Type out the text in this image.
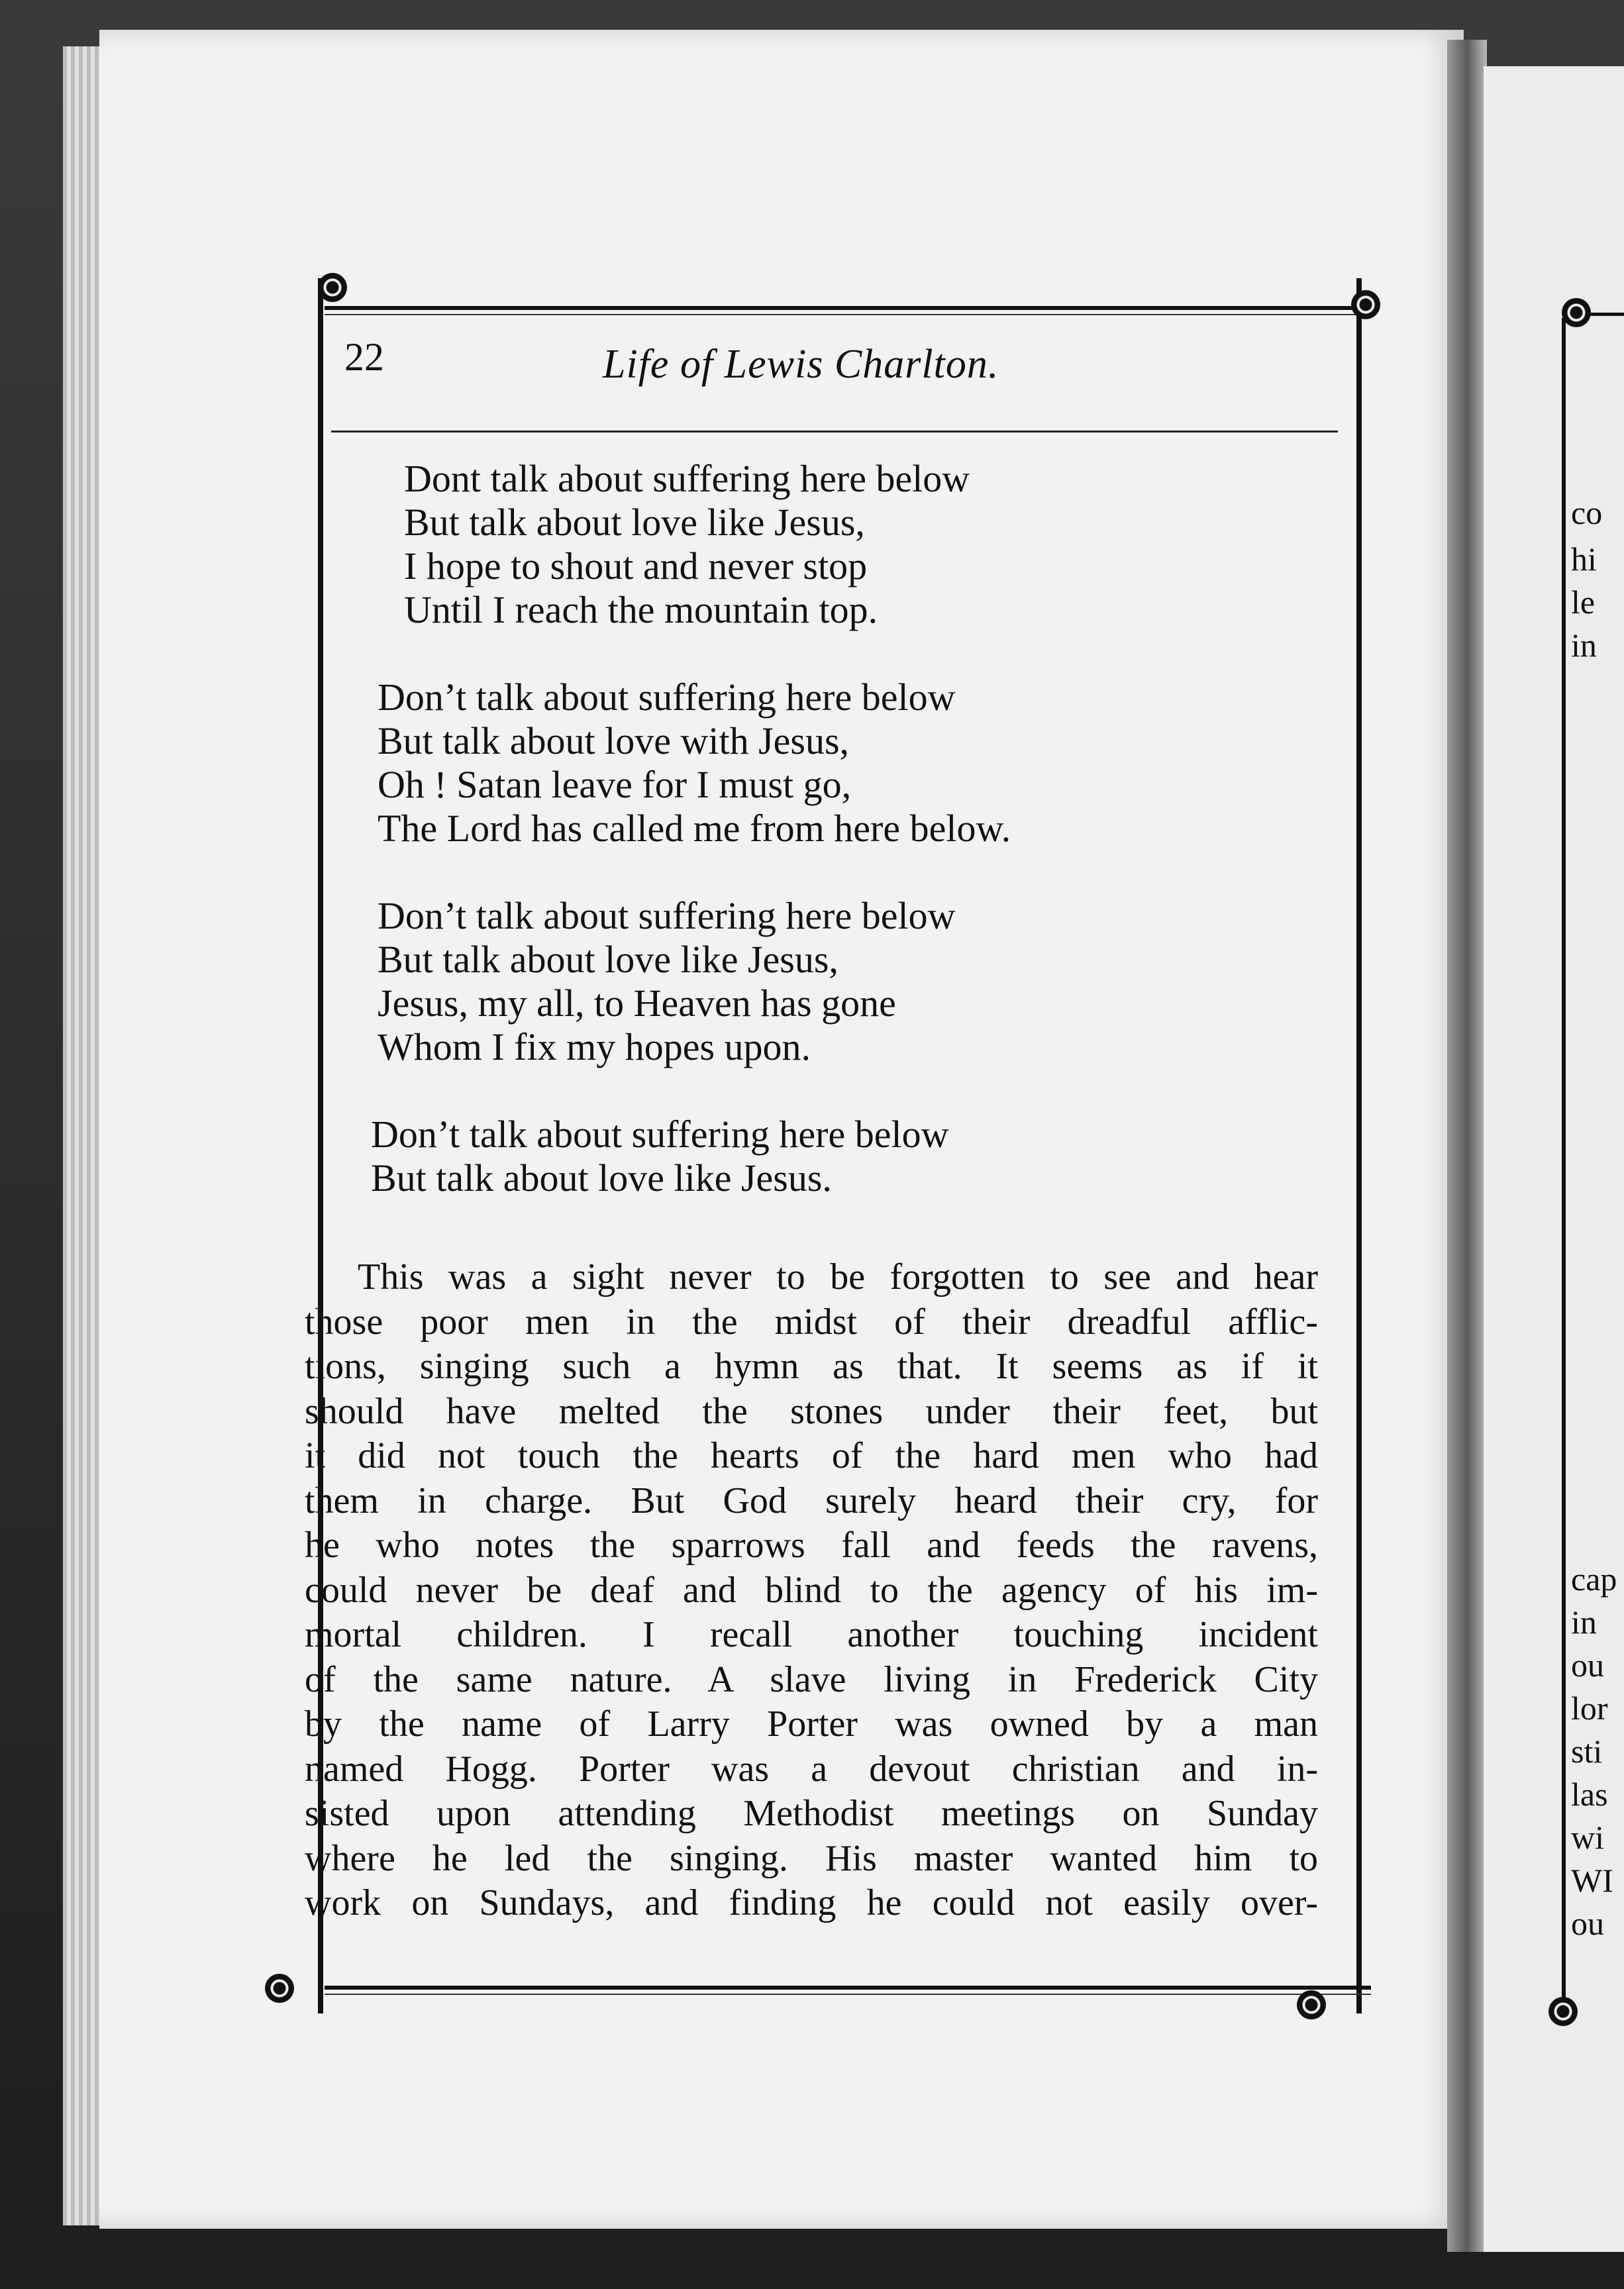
22	Life of Lewis Charlton.
Dont talk about suffering here below
But talk about love like Jesus,
I hope to shout and never stop
Until I reach the mountain top.
Don’t talk about suffering here below
But talk about love with Jesus,
Oh ! Satan leave for I must go,
The Lord has called me from here below.
Don’t talk about suffering here below
But talk about love like Jesus,
Jesus, my all, to Heaven has gone
Whom I fix my hopes upon.
Don’t talk about suffering here below
But talk about love like Jesus.
This was a sight never to be forgotten to see and hear
those poor men in the midst of their dreadful afflic-
tions, singing such a hymn as that. It seems as if it
should have melted the stones under their feet, but
it did not touch the hearts of the hard men who had
them in charge. But God surely heard their cry, for
he who notes the sparrows fall and feeds the ravens,
could never be deaf and blind to the agency of his im-
mortal children. I recall another touching incident
of the same nature. A slave living in Frederick City
by the name of Larry Porter was owned by a man
named Hogg. Porter was a devout christian and in-
sisted upon attending Methodist meetings on Sunday
where he led the singing. His master wanted him to
work on Sundays, and finding he could not easily over-
co
hi
le
in
cap
in
ou
lor
sti
las
wi
WI
ou
